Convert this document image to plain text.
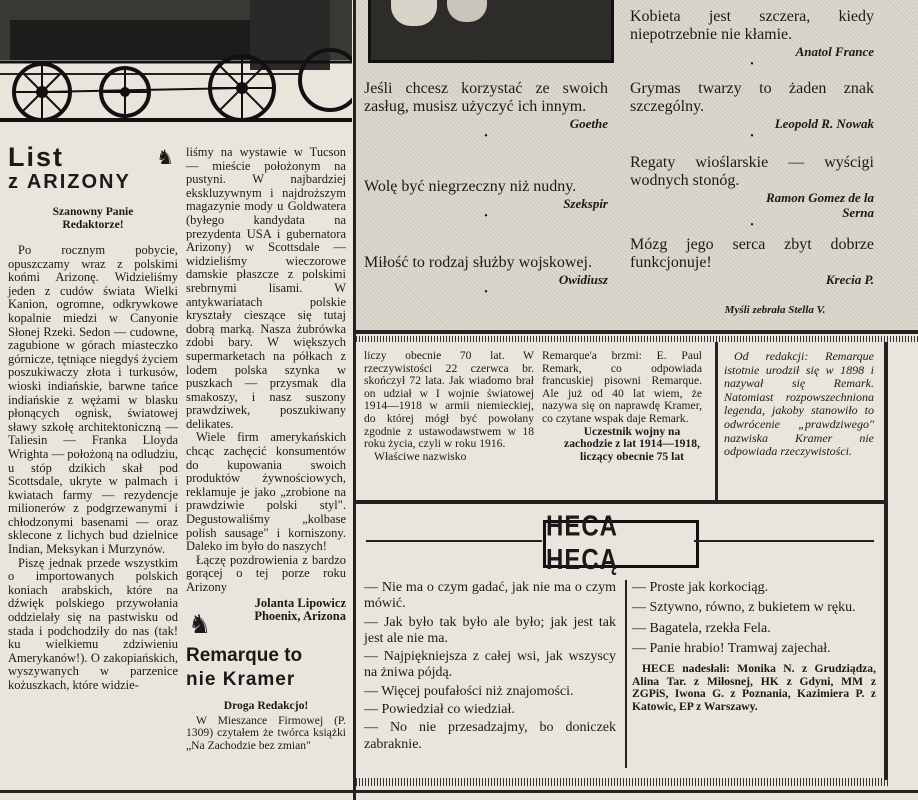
List	♞
z ARIZONY
Szanowny Panie
Redaktorze!

Po rocznym pobycie, opuszczamy wraz z polskimi końmi Arizonę. Widzieliśmy jeden z cudów świata Wielki Kanion, ogromne, odkrywkowe kopalnie miedzi w Canyonie Słonej Rzeki. Sedon — cudowne, zagubione w górach miasteczko górnicze, tętniące niegdyś życiem poszukiwaczy złota i turkusów, wioski indiańskie, barwne tańce indiańskie z wężami w blasku płonących ognisk, światowej sławy szkołę architektoniczną — Taliesin — Franka Lloyda Wrighta — położoną na odludziu, u stóp dzikich skał pod Scottsdale, ukryte w palmach i kwiatach farmy — rezydencje milionerów z podgrzewanymi i chłodzonymi basenami — oraz sklecone z lichych bud dzielnice Indian, Meksykan i Murzynów.

Piszę jednak przede wszystkim o importowanych polskich koniach arabskich, które na dźwięk polskiego przywołania oddzielały się na pastwisku od stada i podchodziły do nas (tak! ku wielkiemu zdziwieniu Amerykanów!). O zakopiańskich, wyszywanych w parzenice kożuszkach, które widzie-

liśmy na wystawie w Tucson — mieście położonym na pustyni. W najbardziej ekskluzywnym i najdroższym magazynie mody u Goldwatera (byłego kandydata na prezydenta USA i gubernatora Arizony) w Scottsdale — widzieliśmy wieczorowe damskie płaszcze z polskimi srebrnymi lisami. W antykwariatach polskie kryształy cieszące się tutaj dobrą marką. Nasza żubrówka zdobi bary. W większych supermarketach na półkach z lodem polska szynka w puszkach — przysmak dla smakoszy, i nasz suszony prawdziwek, poszukiwany delikates.

Wiele firm amerykańskich chcąc zachęcić konsumentów do kupowania swoich produktów żywnościowych, reklamuje je jako „zrobione na prawdziwie polski styl". Degustowaliśmy „kolbase polish sausage" i korniszony. Daleko im było do naszych!

Łączę pozdrowienia z bardzo gorącej o tej porze roku Arizony

Jolanta Lipowicz
Phoenix, Arizona
♞
Remarque to
nie Kramer
Droga Redakcjo!

W Mieszance Firmowej (P. 1309) czytałem że twórca książki „Na Zachodzie bez zmian"

Jeśli chcesz korzystać ze swoich zasług, musisz użyczyć ich innym.
Goethe
•
Wolę być niegrzeczny niż nudny.
Szekspir
•
Miłość to rodzaj służby wojskowej.
Owidiusz
•
Kobieta jest szczera, kiedy niepotrzebnie nie kłamie.
Anatol France
•
Grymas twarzy to żaden znak szczególny.
Leopold R. Nowak
•
Regaty wioślarskie — wyścigi wodnych stonóg.
Ramon Gomez de la Serna
•
Mózg jego serca zbyt dobrze funkcjonuje!
Krecia P.
Myśli zebrała Stella V.

liczy obecnie 70 lat. W rzeczywistości 22 czerwca br. skończył 72 lata. Jak wiadomo brał on udział w I wojnie światowej 1914—1918 w armii niemieckiej, do której mógł być powołany zgodnie z ustawodawstwem w 18 roku życia, czyli w roku 1916.

Właściwe nazwisko

Remarque'a brzmi: E. Paul Remark, co odpowiada francuskiej pisowni Remarque. Ale już od 40 lat wiem, że nazywa się on naprawdę Kramer, co czytane wspak daje Remark.

Uczestnik wojny na zachodzie z lat 1914—1918, liczący obecnie 75 lat

Od redakcji: Remarque istotnie urodził się w 1898 i nazywał się Remark. Natomiast rozpowszechniona legenda, jakoby stanowiło to odwrócenie „prawdziwego" nazwiska Kramer nie odpowiada rzeczywistości.

HECA HECĄ
— Nie ma o czym gadać, jak nie ma o czym mówić.
— Jak było tak było ale było; jak jest tak jest ale nie ma.
— Najpiękniejsza z całej wsi, jak wszyscy na żniwa pójdą.
— Więcej poufałości niż znajomości.
— Powiedział co wiedział.
— No nie przesadzajmy, bo doniczek zabraknie.
— Proste jak korkociąg.
— Sztywno, równo, z bukietem w ręku.
— Bagatela, rzekła Fela.
— Panie hrabio! Tramwaj zajechał.
HECE nadesłali: Monika N. z Grudziądza, Alina Tar. z Miłosnej, HK z Gdyni, MM z ZGPiS, Iwona G. z Poznania, Kazimiera P. z Katowic, EP z Warszawy.
